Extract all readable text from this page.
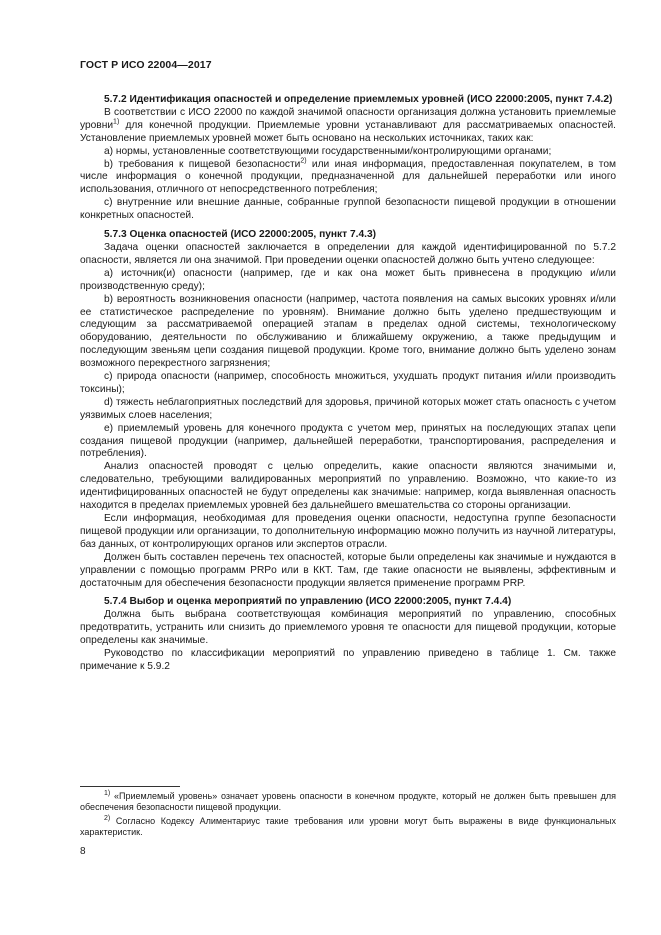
ГОСТ Р ИСО 22004—2017
5.7.2 Идентификация опасностей и определение приемлемых уровней (ИСО 22000:2005, пункт 7.4.2)

В соответствии с ИСО 22000 по каждой значимой опасности организация должна установить приемлемые уровни$^{1)}$ для конечной продукции. Приемлемые уровни устанавливают для рассматриваемых опасностей. Установление приемлемых уровней может быть основано на нескольких источниках, таких как:

а) нормы, установленные соответствующими государственными/контролирующими органами;

b) требования к пищевой безопасности$^{2)}$ или иная информация, предоставленная покупателем, в том числе информация о конечной продукции, предназначенной для дальнейшей переработки или иного использования, отличного от непосредственного потребления;

с) внутренние или внешние данные, собранные группой безопасности пищевой продукции в отношении конкретных опасностей.

5.7.3 Оценка опасностей (ИСО 22000:2005, пункт 7.4.3)

Задача оценки опасностей заключается в определении для каждой идентифицированной по 5.7.2 опасности, является ли она значимой. При проведении оценки опасностей должно быть учтено следующее:

a) источник(и) опасности (например, где и как она может быть привнесена в продукцию и/или производственную среду);

b) вероятность возникновения опасности (например, частота появления на самых высоких уровнях и/или ее статистическое распределение по уровням). Внимание должно быть уделено предшествующим и следующим за рассматриваемой операцией этапам в пределах одной системы, технологическому оборудованию, деятельности по обслуживанию и ближайшему окружению, а также предыдущим и последующим звеньям цепи создания пищевой продукции. Кроме того, внимание должно быть уделено зонам возможного перекрестного загрязнения;

c) природа опасности (например, способность множиться, ухудшать продукт питания и/или производить токсины);

d) тяжесть неблагоприятных последствий для здоровья, причиной которых может стать опасность с учетом уязвимых слоев населения;

е) приемлемый уровень для конечного продукта с учетом мер, принятых на последующих этапах цепи создания пищевой продукции (например, дальнейшей переработки, транспортирования, распределения и потребления).

Анализ опасностей проводят с целью определить, какие опасности являются значимыми и, следовательно, требующими валидированных мероприятий по управлению. Возможно, что какие-то из идентифицированных опасностей не будут определены как значимые: например, когда выявленная опасность находится в пределах приемлемых уровней без дальнейшего вмешательства со стороны организации.

Если информация, необходимая для проведения оценки опасности, недоступна группе безопасности пищевой продукции или организации, то дополнительную информацию можно получить из научной литературы, баз данных, от контролирующих органов или экспертов отрасли.

Должен быть составлен перечень тех опасностей, которые были определены как значимые и нуждаются в управлении с помощью программ PRPo или в ККТ. Там, где такие опасности не выявлены, эффективным и достаточным для обеспечения безопасности продукции является применение программ PRP.

5.7.4 Выбор и оценка мероприятий по управлению (ИСО 22000:2005, пункт 7.4.4)

Должна быть выбрана соответствующая комбинация мероприятий по управлению, способных предотвратить, устранить или снизить до приемлемого уровня те опасности для пищевой продукции, которые определены как значимые.

Руководство по классификации мероприятий по управлению приведено в таблице 1. См. также примечание к 5.9.2

$^{1)}$ «Приемлемый уровень» означает уровень опасности в конечном продукте, который не должен быть превышен для обеспечения безопасности пищевой продукции.

$^{2)}$ Согласно Кодексу Алиментариус такие требования или уровни могут быть выражены в виде функциональных характеристик.

8
